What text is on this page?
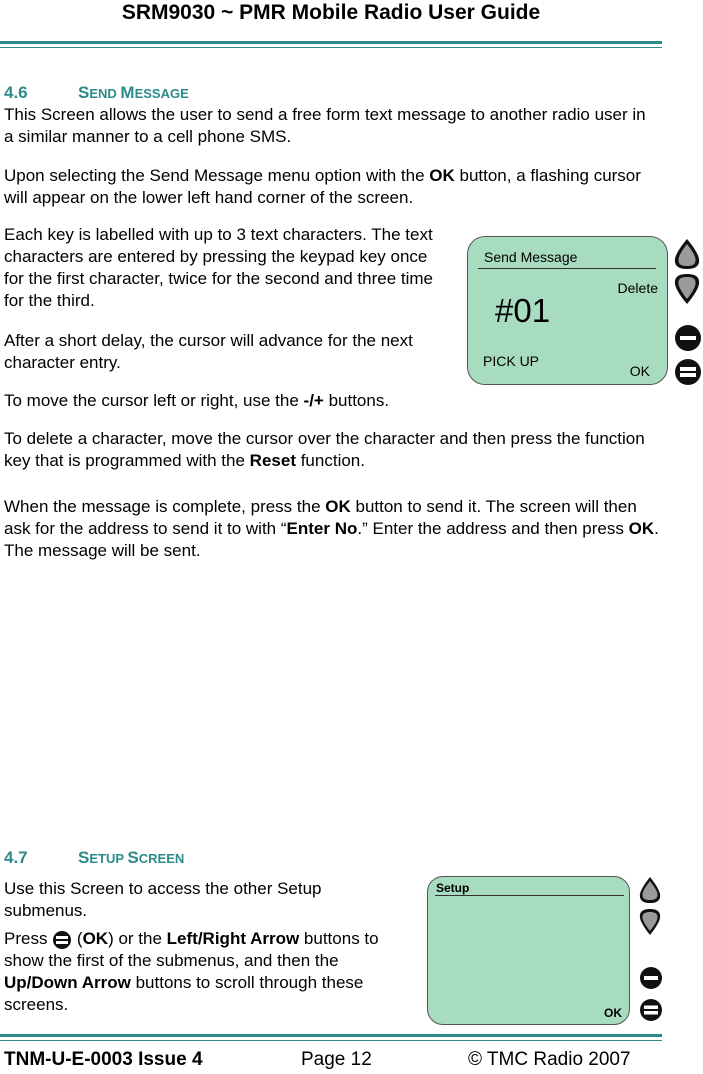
SRM9030 ~ PMR Mobile Radio User Guide
4.6	SEND MESSAGE

This Screen allows the user to send a free form text message to another radio user in a similar manner to a cell phone SMS.

Upon selecting the Send Message menu option with the OK button, a flashing cursor will appear on the lower left hand corner of the screen.

Each key is labelled with up to 3 text characters. The text characters are entered by pressing the keypad key once for the first character, twice for the second and three time for the third.

After a short delay, the cursor will advance for the next character entry.

To move the cursor left or right, use the -/+ buttons.

To delete a character, move the cursor over the character and then press the function key that is programmed with the Reset function.

When the message is complete, press the OK button to send it. The screen will then ask for the address to send it to with “Enter No.” Enter the address and then press OK. The message will be sent.

Send Message
Delete
#01
PICK UP
OK
4.7	SETUP SCREEN

Use this Screen to access the other Setup submenus.

Press  (OK) or the Left/Right Arrow buttons to show the first of the submenus, and then the Up/Down Arrow buttons to scroll through these screens.

Setup
OK
TNM-U-E-0003 Issue 4	Page 12	© TMC Radio 2007
